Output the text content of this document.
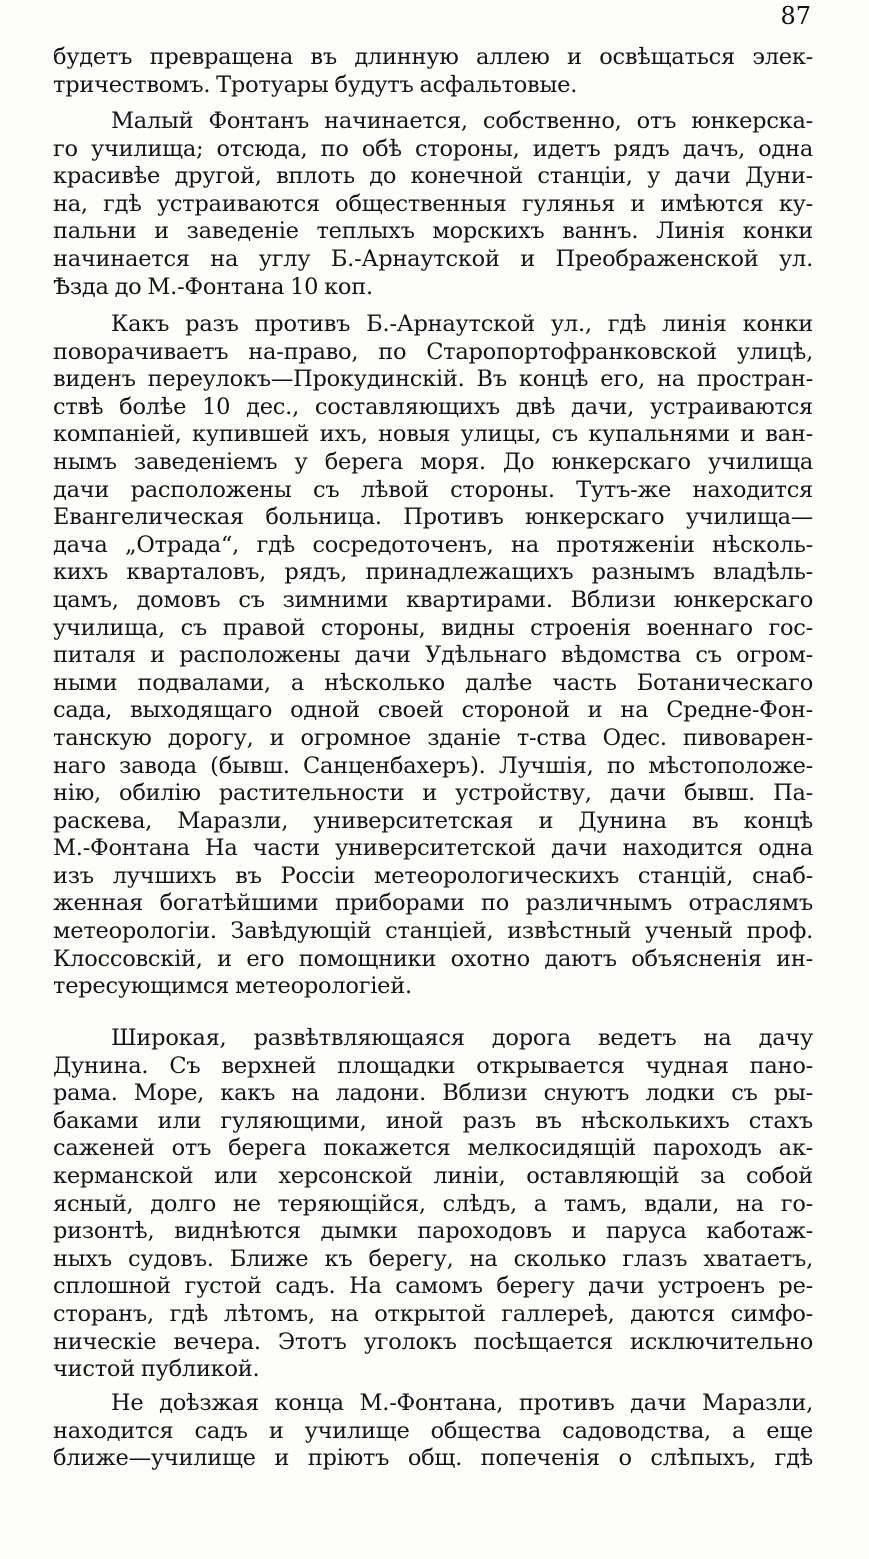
87
будетъ превращена въ длинную аллею и освѣщаться элек-
тричествомъ. Тротуары будутъ асфальтовые.
Малый Фонтанъ начинается, собственно, отъ юнкерска-
го училища; отсюда, по обѣ стороны, идетъ рядъ дачъ, одна
красивѣе другой, вплоть до конечной станціи, у дачи Дуни-
на, гдѣ устраиваются общественныя гулянья и имѣются ку-
пальни и заведеніе теплыхъ морскихъ ваннъ. Линія конки
начинается на углу Б.-Арнаутской и Преображенской ул.
Ѣзда до М.-Фонтана 10 коп.
Какъ разъ противъ Б.-Арнаутской ул., гдѣ линія конки
поворачиваетъ на-право, по Старопортофранковской улицѣ,
виденъ переулокъ—Прокудинскій. Въ концѣ его, на простран-
ствѣ болѣе 10 дес., составляющихъ двѣ дачи, устраиваются
компаніей, купившей ихъ, новыя улицы, съ купальнями и ван-
нымъ заведеніемъ у берега моря. До юнкерскаго училища
дачи расположены съ лѣвой стороны. Тутъ-же находится
Евангелическая больница. Противъ юнкерскаго училища—
дача „Отрада“, гдѣ сосредоточенъ, на протяженіи нѣсколь-
кихъ кварталовъ, рядъ, принадлежащихъ разнымъ владѣль-
цамъ, домовъ съ зимними квартирами. Вблизи юнкерскаго
училища, съ правой стороны, видны строенія военнаго гос-
питаля и расположены дачи Удѣльнаго вѣдомства съ огром-
ными подвалами, а нѣсколько далѣе часть Ботаническаго
сада, выходящаго одной своей стороной и на Средне-Фон-
танскую дорогу, и огромное зданіе т-ства Одес. пивоварен-
наго завода (бывш. Санценбахеръ). Лучшія, по мѣстоположе-
нію, обилію растительности и устройству, дачи бывш. Па-
раскева, Маразли, университетская и Дунина въ концѣ
М.-Фонтана На части университетской дачи находится одна
изъ лучшихъ въ Россіи метеорологическихъ станцій, снаб-
женная богатѣйшими приборами по различнымъ отраслямъ
метеорологіи. Завѣдующій станціей, извѣстный ученый проф.
Клоссовскій, и его помощники охотно даютъ объясненія ин-
тересующимся метеорологіей.
Широкая, развѣтвляющаяся дорога ведетъ на дачу
Дунина. Съ верхней площадки открывается чудная пано-
рама. Море, какъ на ладони. Вблизи снуютъ лодки съ ры-
баками или гуляющими, иной разъ въ нѣсколькихъ стахъ
саженей отъ берега покажется мелкосидящій пароходъ ак-
керманской или херсонской линіи, оставляющій за собой
ясный, долго не теряющійся, слѣдъ, а тамъ, вдали, на го-
ризонтѣ, виднѣются дымки пароходовъ и паруса каботаж-
ныхъ судовъ. Ближе къ берегу, на сколько глазъ хватаетъ,
сплошной густой садъ. На самомъ берегу дачи устроенъ ре-
сторанъ, гдѣ лѣтомъ, на открытой галлереѣ, даются симфо-
ническіе вечера. Этотъ уголокъ посѣщается исключительно
чистой публикой.
Не доѣзжая конца М.-Фонтана, противъ дачи Маразли,
находится садъ и училище общества садоводства, а еще
ближе—училище и пріютъ общ. попеченія о слѣпыхъ, гдѣ
